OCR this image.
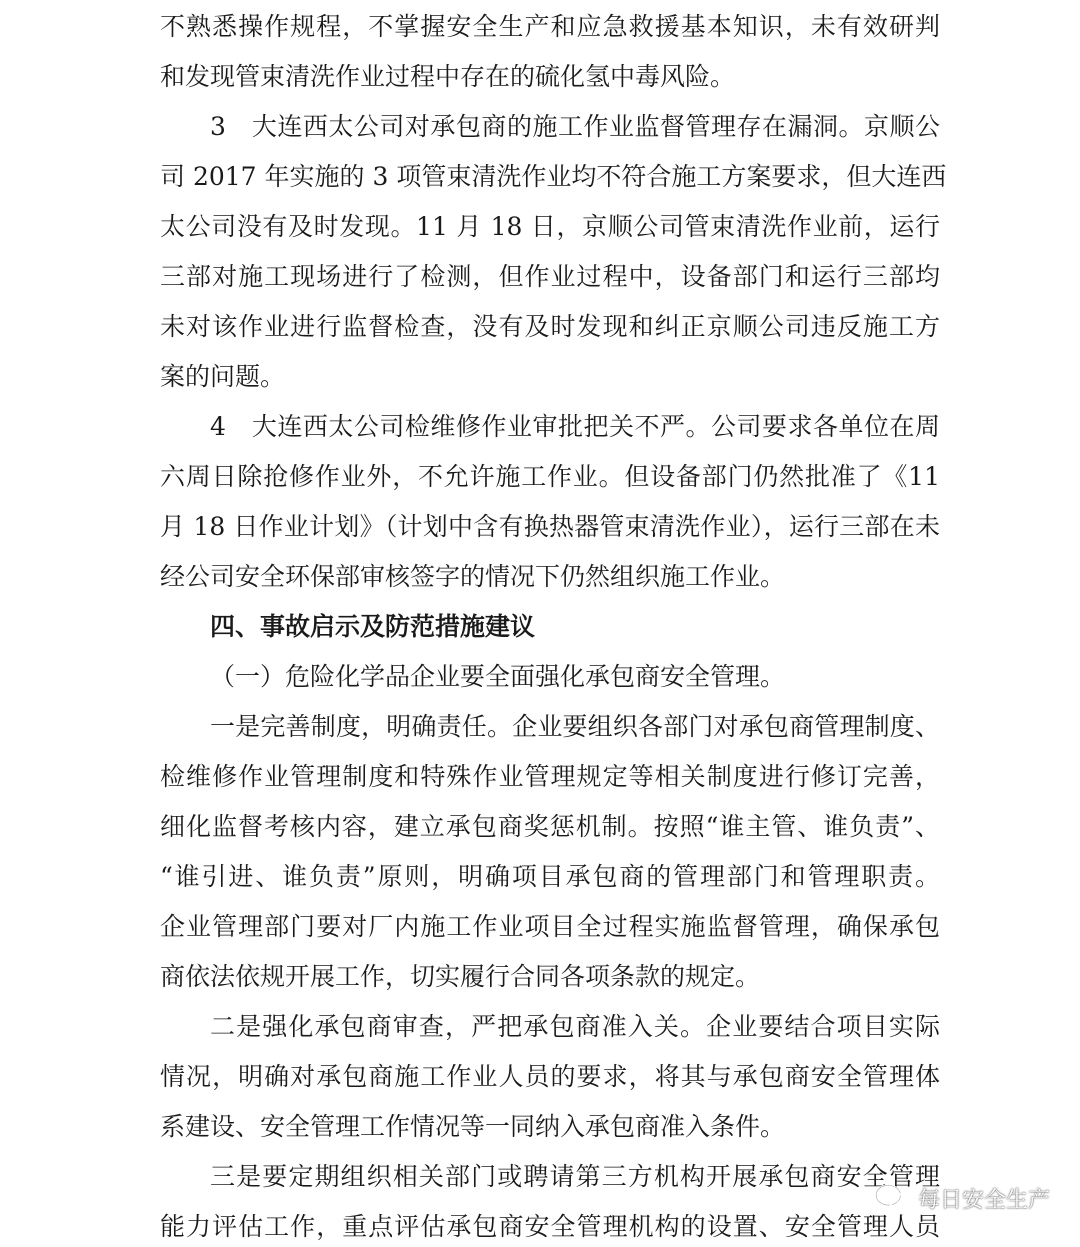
不熟悉操作规程，不掌握安全生产和应急救援基本知识，未有效研判
和发现管束清洗作业过程中存在的硫化氢中毒风险。
3　大连西太公司对承包商的施工作业监督管理存在漏洞。京顺公
司 2017 年实施的 3 项管束清洗作业均不符合施工方案要求，但大连西
太公司没有及时发现。11 月 18 日，京顺公司管束清洗作业前，运行
三部对施工现场进行了检测，但作业过程中，设备部门和运行三部均
未对该作业进行监督检查，没有及时发现和纠正京顺公司违反施工方
案的问题。
4　大连西太公司检维修作业审批把关不严。公司要求各单位在周
六周日除抢修作业外，不允许施工作业。但设备部门仍然批准了《11
月 18 日作业计划》（计划中含有换热器管束清洗作业），运行三部在未
经公司安全环保部审核签字的情况下仍然组织施工作业。
四、事故启示及防范措施建议
（一）危险化学品企业要全面强化承包商安全管理。
一是完善制度，明确责任。企业要组织各部门对承包商管理制度、
检维修作业管理制度和特殊作业管理规定等相关制度进行修订完善，
细化监督考核内容，建立承包商奖惩机制。按照“谁主管、谁负责”、
“谁引进、谁负责”原则，明确项目承包商的管理部门和管理职责。
企业管理部门要对厂内施工作业项目全过程实施监督管理，确保承包
商依法依规开展工作，切实履行合同各项条款的规定。
二是强化承包商审查，严把承包商准入关。企业要结合项目实际
情况，明确对承包商施工作业人员的要求，将其与承包商安全管理体
系建设、安全管理工作情况等一同纳入承包商准入条件。
三是要定期组织相关部门或聘请第三方机构开展承包商安全管理
能力评估工作，重点评估承包商安全管理机构的设置、安全管理人员
每日安全生产
